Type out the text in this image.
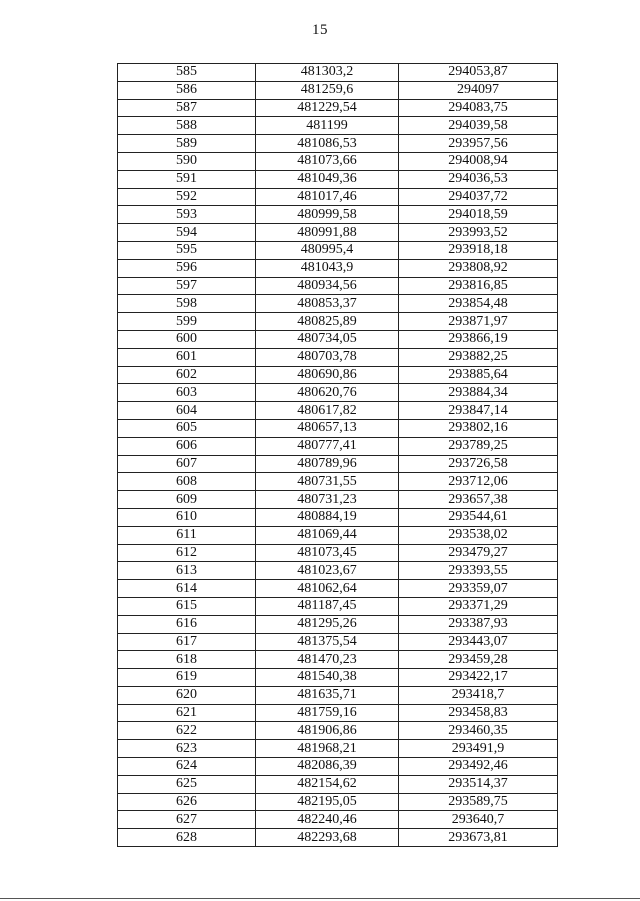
15
585	481303,2	294053,87
586	481259,6	294097
587	481229,54	294083,75
588	481199	294039,58
589	481086,53	293957,56
590	481073,66	294008,94
591	481049,36	294036,53
592	481017,46	294037,72
593	480999,58	294018,59
594	480991,88	293993,52
595	480995,4	293918,18
596	481043,9	293808,92
597	480934,56	293816,85
598	480853,37	293854,48
599	480825,89	293871,97
600	480734,05	293866,19
601	480703,78	293882,25
602	480690,86	293885,64
603	480620,76	293884,34
604	480617,82	293847,14
605	480657,13	293802,16
606	480777,41	293789,25
607	480789,96	293726,58
608	480731,55	293712,06
609	480731,23	293657,38
610	480884,19	293544,61
611	481069,44	293538,02
612	481073,45	293479,27
613	481023,67	293393,55
614	481062,64	293359,07
615	481187,45	293371,29
616	481295,26	293387,93
617	481375,54	293443,07
618	481470,23	293459,28
619	481540,38	293422,17
620	481635,71	293418,7
621	481759,16	293458,83
622	481906,86	293460,35
623	481968,21	293491,9
624	482086,39	293492,46
625	482154,62	293514,37
626	482195,05	293589,75
627	482240,46	293640,7
628	482293,68	293673,81
